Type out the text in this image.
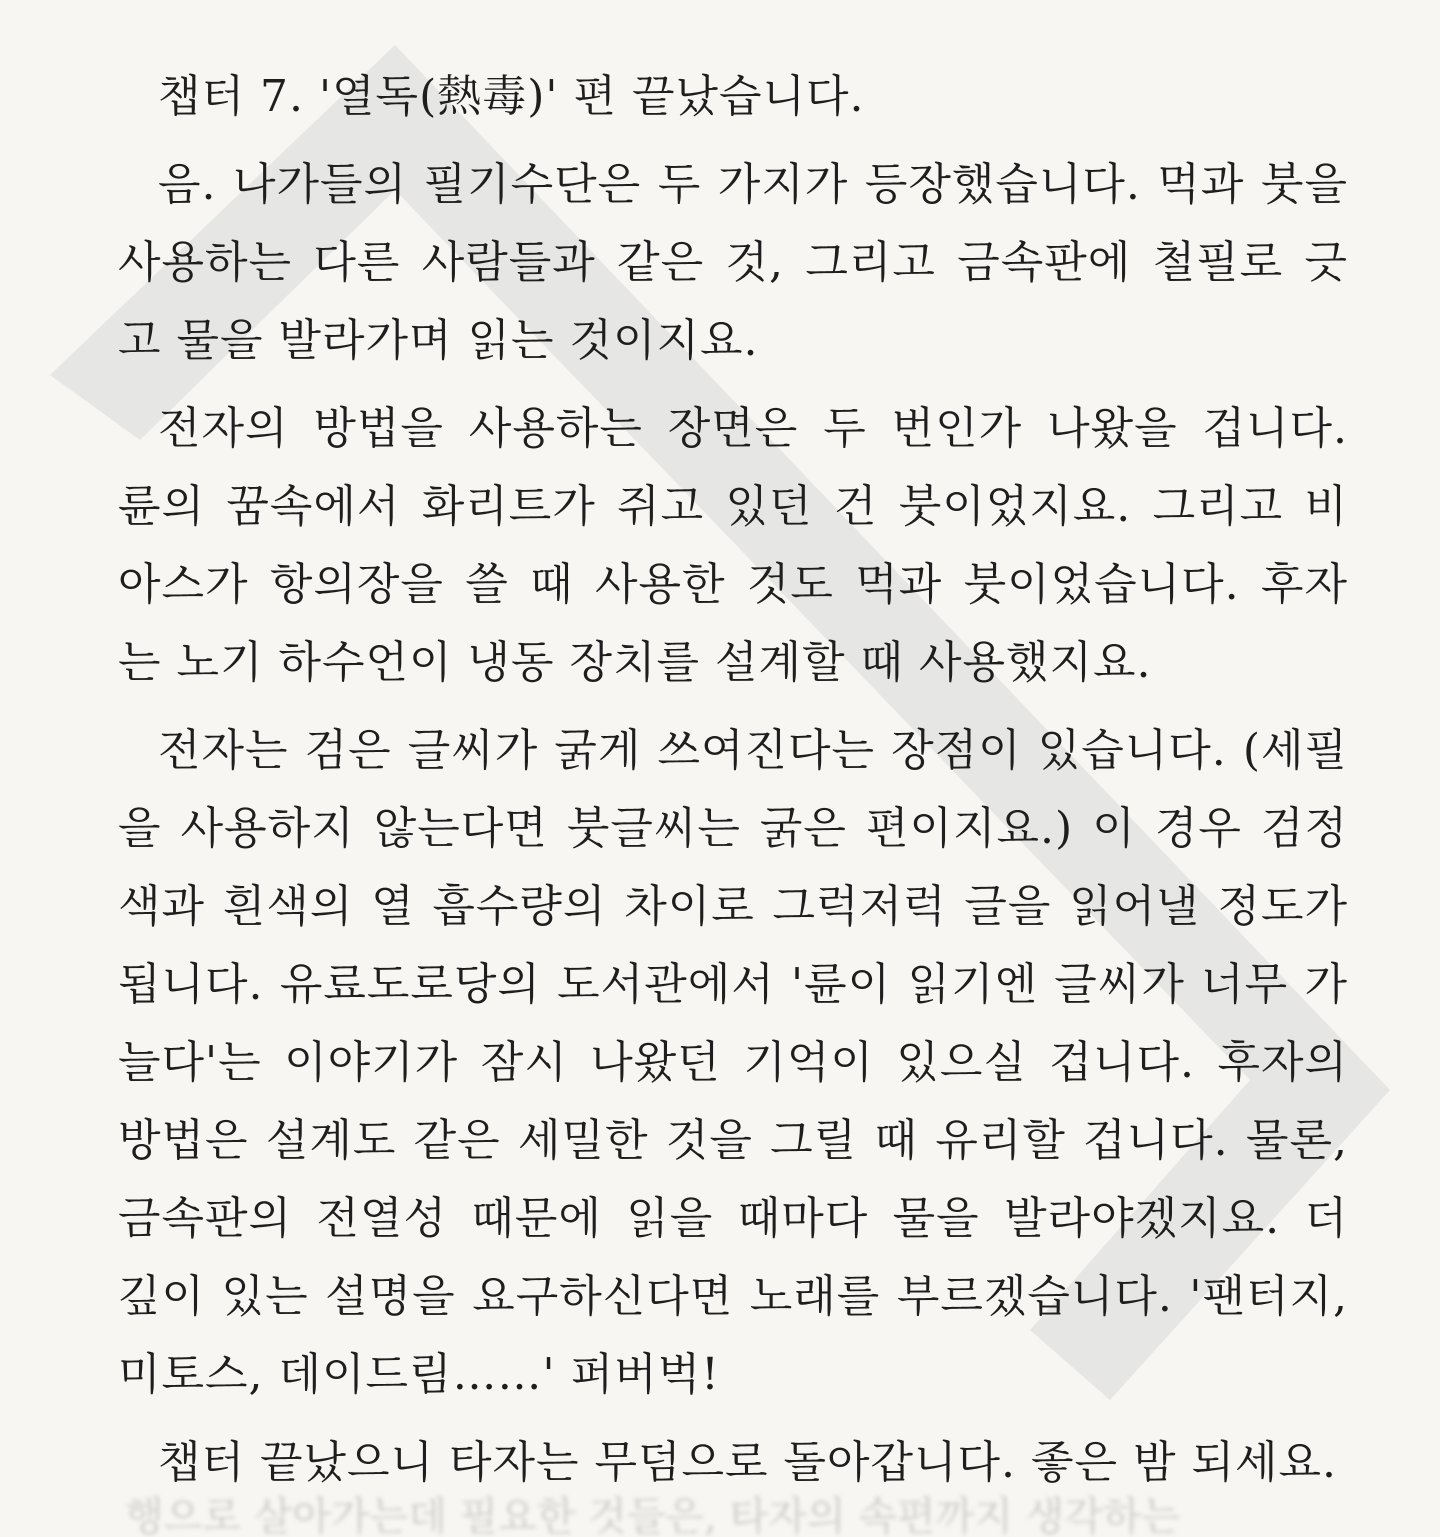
챕터 7. '열독(熱毒)' 편 끝났습니다.
음. 나가들의 필기수단은 두 가지가 등장했습니다. 먹과 붓을
사용하는 다른 사람들과 같은 것, 그리고 금속판에 철필로 긋
고 물을 발라가며 읽는 것이지요.
전자의 방법을 사용하는 장면은 두 번인가 나왔을 겁니다.
륜의 꿈속에서 화리트가 쥐고 있던 건 붓이었지요. 그리고 비
아스가 항의장을 쓸 때 사용한 것도 먹과 붓이었습니다. 후자
는 노기 하수언이 냉동 장치를 설계할 때 사용했지요.
전자는 검은 글씨가 굵게 쓰여진다는 장점이 있습니다. (세필
을 사용하지 않는다면 붓글씨는 굵은 편이지요.) 이 경우 검정
색과 흰색의 열 흡수량의 차이로 그럭저럭 글을 읽어낼 정도가
됩니다. 유료도로당의 도서관에서 '륜이 읽기엔 글씨가 너무 가
늘다'는 이야기가 잠시 나왔던 기억이 있으실 겁니다. 후자의
방법은 설계도 같은 세밀한 것을 그릴 때 유리할 겁니다. 물론,
금속판의 전열성 때문에 읽을 때마다 물을 발라야겠지요. 더
깊이 있는 설명을 요구하신다면 노래를 부르겠습니다. '팬터지,
미토스, 데이드림……' 퍼버벅!
챕터 끝났으니 타자는 무덤으로 돌아갑니다. 좋은 밤 되세요.
행으로 살아가는데 필요한 것들은, 타자의 속편까지 생각하는
